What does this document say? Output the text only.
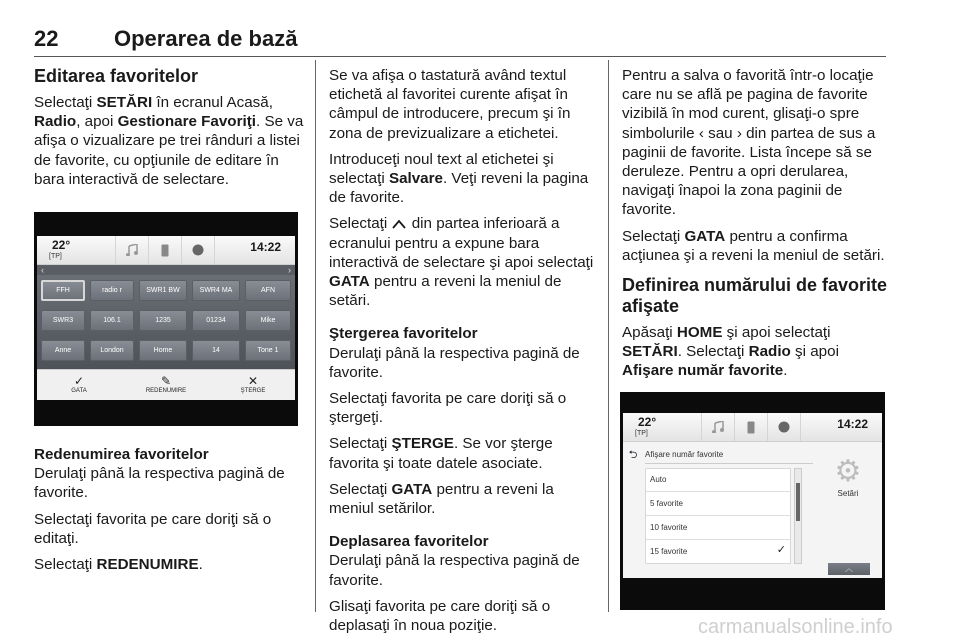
22	Operarea de bază
Editarea favoritelor

Selectaţi SETĂRI în ecranul Acasă, Radio, apoi Gestionare Favoriţi. Se va afişa o vizualizare pe trei rânduri a listei de favorite, cu opţiunile de editare în bara interactivă de selectare.

22°
[TP]
14:22
‹	›
FFH	radio r	SWR1 BW	SWR4 MA	AFN
SWR3	106.1	1235	01234	Mike
Anne	London	Home	14	Tone 1
✓
GATA
✎
REDENUMIRE
✕
ŞTERGE
Redenumirea favoritelor

Derulaţi până la respectiva pagină de favorite.

Selectaţi favorita pe care doriţi să o editaţi.

Selectaţi REDENUMIRE.

Se va afişa o tastatură având textul etichetă al favoritei curente afişat în câmpul de introducere, precum şi în zona de previzualizare a etichetei.

Introduceţi noul text al etichetei şi selectaţi Salvare. Veţi reveni la pagina de favorite.

Selectaţi  din partea inferioară a ecranului pentru a expune bara interactivă de selectare şi apoi selectaţi GATA pentru a reveni la meniul de setări.

Ştergerea favoritelor

Derulaţi până la respectiva pagină de favorite.

Selectaţi favorita pe care doriţi să o ştergeţi.

Selectaţi ŞTERGE. Se vor şterge favorita şi toate datele asociate.

Selectaţi GATA pentru a reveni la meniul setărilor.

Deplasarea favoritelor

Derulaţi până la respectiva pagină de favorite.

Glisaţi favorita pe care doriţi să o deplasaţi în noua poziţie.

Pentru a salva o favorită într-o locaţie care nu se află pe pagina de favorite vizibilă în mod curent, glisaţi-o spre simbolurile ‹ sau › din partea de sus a paginii de favorite. Lista începe să se deruleze. Pentru a opri derularea, navigaţi înapoi la zona paginii de favorite.

Selectaţi GATA pentru a confirma acţiunea şi a reveni la meniul de setări.

Definirea numărului de favorite afişate

Apăsaţi HOME şi apoi selectaţi SETĂRI. Selectaţi Radio şi apoi Afişare număr favorite.

22°
[TP]
14:22
⮌ Afişare număr favorite
Auto
5 favorite
10 favorite
15 favorite	✓
⚙
Setări
︿
carmanualsonline.info
